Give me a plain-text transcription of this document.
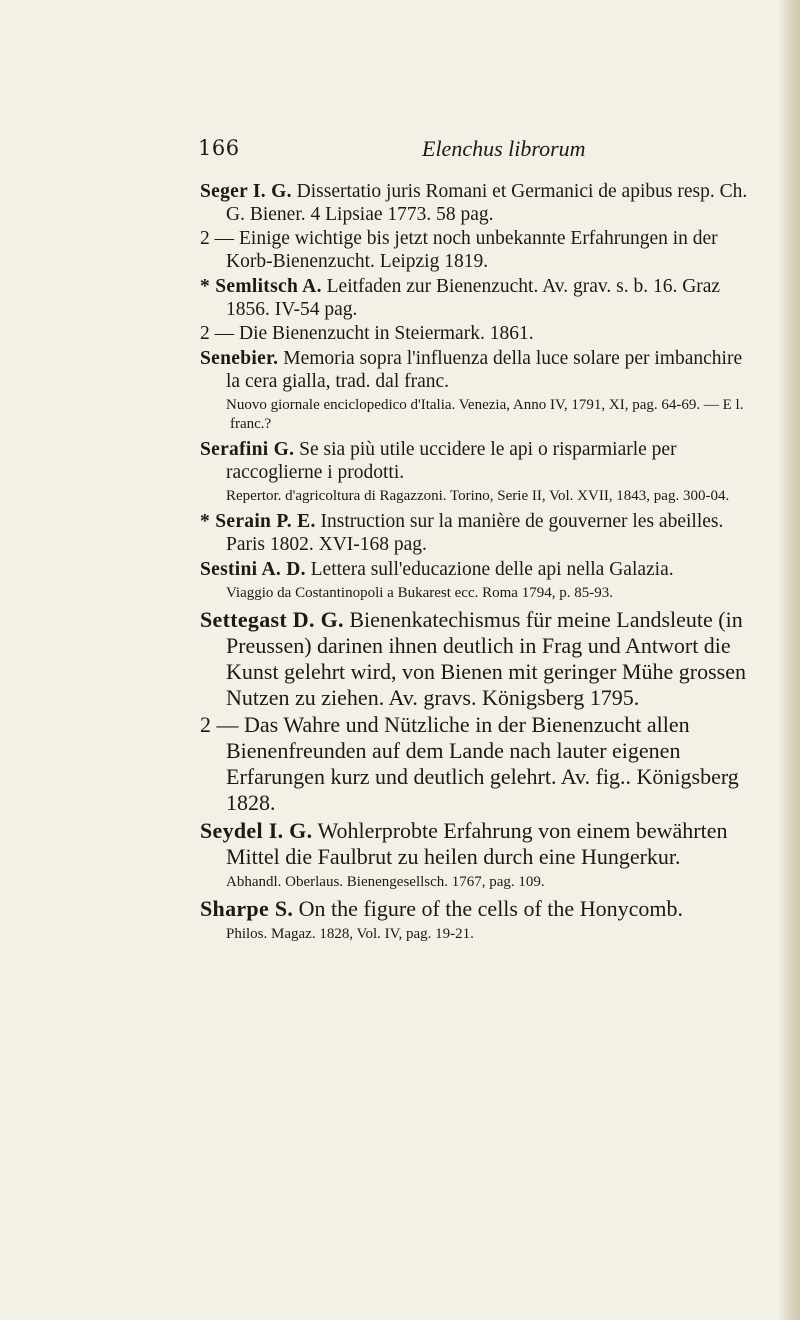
166	Elenchus librorum

Seger I. G. Dissertatio juris Romani et Germanici de apibus resp. Ch. G. Biener. 4 Lipsiae 1773. 58 pag.

2 — Einige wichtige bis jetzt noch unbekannte Erfahrungen in der Korb-Bienenzucht. Leipzig 1819.

* Semlitsch A. Leitfaden zur Bienenzucht. Av. grav. s. b. 16. Graz 1856. IV-54 pag.

2 — Die Bienenzucht in Steiermark. 1861.

Senebier. Memoria sopra l'influenza della luce solare per imbanchire la cera gialla, trad. dal franc.

Nuovo giornale enciclopedico d'Italia. Venezia, Anno IV, 1791, XI, pag. 64-69. — E l. franc.?

Serafini G. Se sia più utile uccidere le api o risparmiarle per raccoglierne i prodotti.

Repertor. d'agricoltura di Ragazzoni. Torino, Serie II, Vol. XVII, 1843, pag. 300-04.

* Serain P. E. Instruction sur la manière de gouverner les abeilles. Paris 1802. XVI-168 pag.

Sestini A. D. Lettera sull'educazione delle api nella Galazia.

Viaggio da Costantinopoli a Bukarest ecc. Roma 1794, p. 85-93.

Settegast D. G. Bienenkatechismus für meine Landsleute (in Preussen) darinen ihnen deutlich in Frag und Antwort die Kunst gelehrt wird, von Bienen mit geringer Mühe grossen Nutzen zu ziehen. Av. gravs. Königsberg 1795.

2 — Das Wahre und Nützliche in der Bienenzucht allen Bienenfreunden auf dem Lande nach lauter eigenen Erfarungen kurz und deutlich gelehrt. Av. fig.. Königsberg 1828.

Seydel I. G. Wohlerprobte Erfahrung von einem bewährten Mittel die Faulbrut zu heilen durch eine Hungerkur.

Abhandl. Oberlaus. Bienengesellsch. 1767, pag. 109.

Sharpe S. On the figure of the cells of the Honycomb.

Philos. Magaz. 1828, Vol. IV, pag. 19-21.
